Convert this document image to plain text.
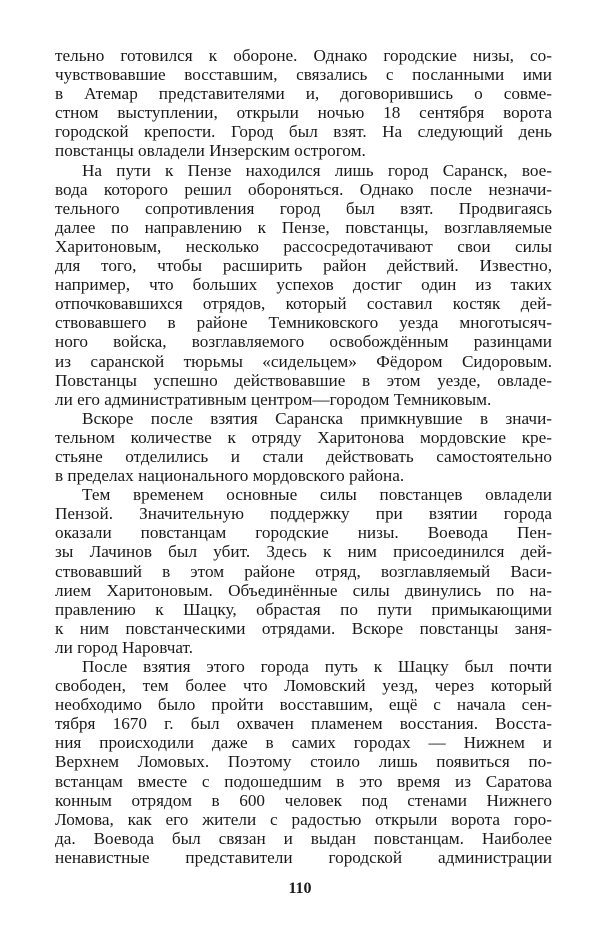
тельно готовился к обороне. Однако городские низы, со-
чувствовавшие восставшим, связались с посланными ими
в Атемар представителями и, договорившись о совме-
стном выступлении, открыли ночью 18 сентября ворота
городской крепости. Город был взят. На следующий день
повстанцы овладели Инзерским острогом.
На пути к Пензе находился лишь город Саранск, вое-
вода которого решил обороняться. Однако после незначи-
тельного сопротивления город был взят. Продвигаясь
далее по направлению к Пензе, повстанцы, возглавляемые
Харитоновым, несколько рассосредотачивают свои силы
для того, чтобы расширить район действий. Известно,
например, что больших успехов достиг один из таких
отпочковавшихся отрядов, который составил костяк дей-
ствовавшего в районе Темниковского уезда многотысяч-
ного войска, возглавляемого освобождённым разинцами
из саранской тюрьмы «сидельцем» Фёдором Сидоровым.
Повстанцы успешно действовавшие в этом уезде, овладе-
ли его административным центром—городом Темниковым.
Вскоре после взятия Саранска примкнувшие в значи-
тельном количестве к отряду Харитонова мордовские кре-
стьяне отделились и стали действовать самостоятельно
в пределах национального мордовского района.
Тем временем основные силы повстанцев овладели
Пензой. Значительную поддержку при взятии города
оказали повстанцам городские низы. Воевода Пен-
зы Лачинов был убит. Здесь к ним присоединился дей-
ствовавший в этом районе отряд, возглавляемый Васи-
лием Харитоновым. Объединённые силы двинулись по на-
правлению к Шацку, обрастая по пути примыкающими
к ним повстанческими отрядами. Вскоре повстанцы заня-
ли город Наровчат.
После взятия этого города путь к Шацку был почти
свободен, тем более что Ломовский уезд, через который
необходимо было пройти восставшим, ещё с начала сен-
тября 1670 г. был охвачен пламенем восстания. Восста-
ния происходили даже в самих городах — Нижнем и
Верхнем Ломовых. Поэтому стоило лишь появиться по-
встанцам вместе с подошедшим в это время из Саратова
конным отрядом в 600 человек под стенами Нижнего
Ломова, как его жители с радостью открыли ворота горо-
да. Воевода был связан и выдан повстанцам. Наиболее
ненавистные представители городской администрации
110
